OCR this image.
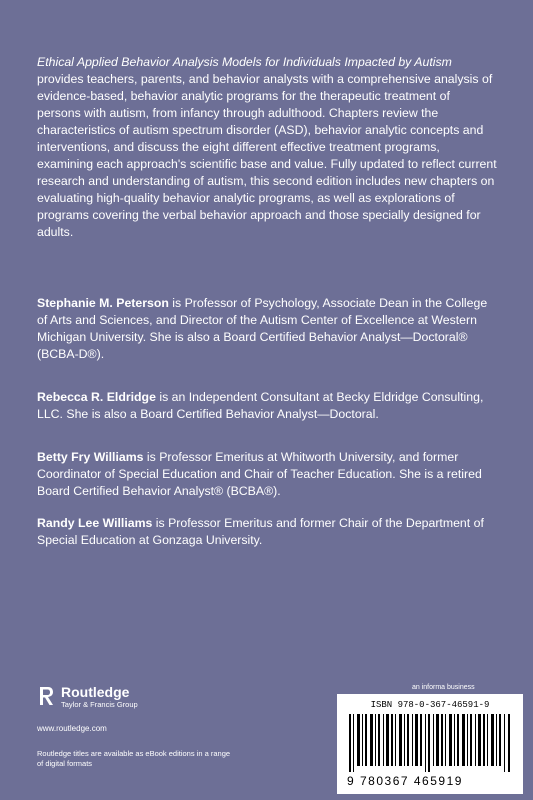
Ethical Applied Behavior Analysis Models for Individuals Impacted by Autism provides teachers, parents, and behavior analysts with a comprehensive analysis of evidence-based, behavior analytic programs for the therapeutic treatment of persons with autism, from infancy through adulthood. Chapters review the characteristics of autism spectrum disorder (ASD), behavior analytic concepts and interventions, and discuss the eight different effective treatment programs, examining each approach's scientific base and value. Fully updated to reflect current research and understanding of autism, this second edition includes new chapters on evaluating high-quality behavior analytic programs, as well as explorations of programs covering the verbal behavior approach and those specially designed for adults.
Stephanie M. Peterson is Professor of Psychology, Associate Dean in the College of Arts and Sciences, and Director of the Autism Center of Excellence at Western Michigan University. She is also a Board Certified Behavior Analyst—Doctoral® (BCBA-D®).
Rebecca R. Eldridge is an Independent Consultant at Becky Eldridge Consulting, LLC. She is also a Board Certified Behavior Analyst—Doctoral.
Betty Fry Williams is Professor Emeritus at Whitworth University, and former Coordinator of Special Education and Chair of Teacher Education. She is a retired Board Certified Behavior Analyst® (BCBA®).
Randy Lee Williams is Professor Emeritus and former Chair of the Department of Special Education at Gonzaga University.
Routledge
Taylor & Francis Group
www.routledge.com
Routledge titles are available as eBook editions in a range of digital formats
an informa business
ISBN 978-0-367-46591-9
9 780367 465919
